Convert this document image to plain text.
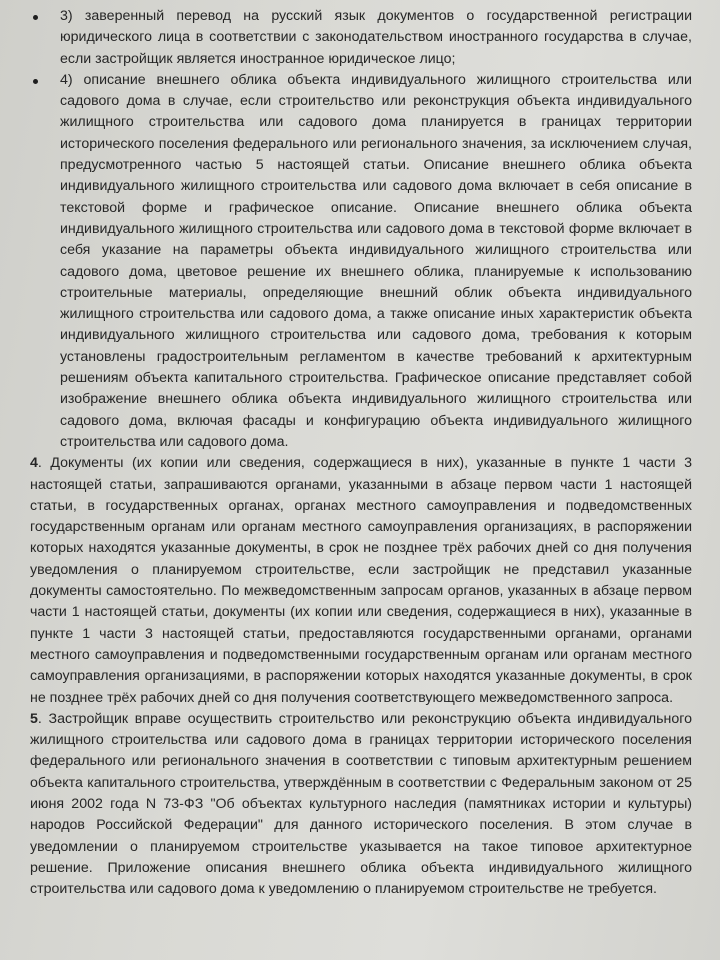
3) заверенный перевод на русский язык документов о государственной регистрации юридического лица в соответствии с законодательством иностранного государства в случае, если застройщик является иностранное юридическое лицо;

4) описание внешнего облика объекта индивидуального жилищного строительства или садового дома в случае, если строительство или реконструкция объекта индивидуального жилищного строительства или садового дома планируется в границах территории исторического поселения федерального или регионального значения, за исключением случая, предусмотренного частью 5 настоящей статьи. Описание внешнего облика объекта индивидуального жилищного строительства или садового дома включает в себя описание в текстовой форме и графическое описание. Описание внешнего облика объекта индивидуального жилищного строительства или садового дома в текстовой форме включает в себя указание на параметры объекта индивидуального жилищного строительства или садового дома, цветовое решение их внешнего облика, планируемые к использованию строительные материалы, определяющие внешний облик объекта индивидуального жилищного строительства или садового дома, а также описание иных характеристик объекта индивидуального жилищного строительства или садового дома, требования к которым установлены градостроительным регламентом в качестве требований к архитектурным решениям объекта капитального строительства. Графическое описание представляет собой изображение внешнего облика объекта индивидуального жилищного строительства или садового дома, включая фасады и конфигурацию объекта индивидуального жилищного строительства или садового дома.

4. Документы (их копии или сведения, содержащиеся в них), указанные в пункте 1 части 3 настоящей статьи, запрашиваются органами, указанными в абзаце первом части 1 настоящей статьи, в государственных органах, органах местного самоуправления и подведомственных государственным органам или органам местного самоуправления организациях, в распоряжении которых находятся указанные документы, в срок не позднее трёх рабочих дней со дня получения уведомления о планируемом строительстве, если застройщик не представил указанные документы самостоятельно. По межведомственным запросам органов, указанных в абзаце первом части 1 настоящей статьи, документы (их копии или сведения, содержащиеся в них), указанные в пункте 1 части 3 настоящей статьи, предоставляются государственными органами, органами местного самоуправления и подведомственными государственным органам или органам местного самоуправления организациями, в распоряжении которых находятся указанные документы, в срок не позднее трёх рабочих дней со дня получения соответствующего межведомственного запроса.

5. Застройщик вправе осуществить строительство или реконструкцию объекта индивидуального жилищного строительства или садового дома в границах территории исторического поселения федерального или регионального значения в соответствии с типовым архитектурным решением объекта капитального строительства, утверждённым в соответствии с Федеральным законом от 25 июня 2002 года N 73-ФЗ "Об объектах культурного наследия (памятниках истории и культуры) народов Российской Федерации" для данного исторического поселения. В этом случае в уведомлении о планируемом строительстве указывается на такое типовое архитектурное решение. Приложение описания внешнего облика объекта индивидуального жилищного строительства или садового дома к уведомлению о планируемом строительстве не требуется.
